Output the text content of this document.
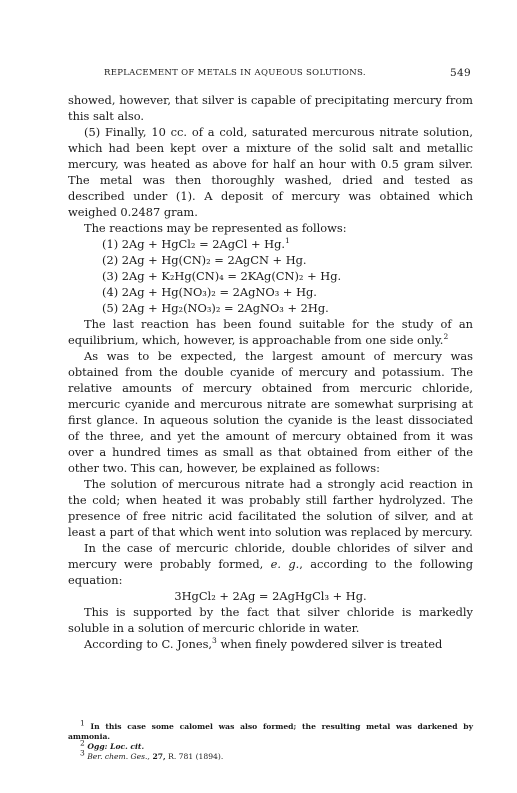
REPLACEMENT OF METALS IN AQUEOUS SOLUTIONS.	549

showed, however, that silver is capable of precipitating mercury from this salt also.

(5) Finally, 10 cc. of a cold, saturated mercurous nitrate solution, which had been kept over a mixture of the solid salt and metallic mercury, was heated as above for half an hour with 0.5 gram silver. The metal was then thoroughly washed, dried and tested as described under (1). A deposit of mercury was obtained which weighed 0.2487 gram.

The reactions may be represented as follows:

(1) 2Ag + HgCl₂ = 2AgCl + Hg.$^1$

(2) 2Ag + Hg(CN)₂ = 2AgCN + Hg.

(3) 2Ag + K₂Hg(CN)₄ = 2KAg(CN)₂ + Hg.

(4) 2Ag + Hg(NO₃)₂ = 2AgNO₃ + Hg.

(5) 2Ag + Hg₂(NO₃)₂ = 2AgNO₃ + 2Hg.

The last reaction has been found suitable for the study of an equilibrium, which, however, is approachable from one side only.$^2$

As was to be expected, the largest amount of mercury was obtained from the double cyanide of mercury and potassium. The relative amounts of mercury obtained from mercuric chloride, mercuric cyanide and mercurous nitrate are somewhat surprising at first glance. In aqueous solution the cyanide is the least dissociated of the three, and yet the amount of mercury obtained from it was over a hundred times as small as that obtained from either of the other two. This can, however, be explained as follows:

The solution of mercurous nitrate had a strongly acid reaction in the cold; when heated it was probably still farther hydrolyzed. The presence of free nitric acid facilitated the solution of silver, and at least a part of that which went into solution was replaced by mercury.

In the case of mercuric chloride, double chlorides of silver and mercury were probably formed, e. g., according to the following equation:

3HgCl₂ + 2Ag = 2AgHgCl₃ + Hg.

This is supported by the fact that silver chloride is markedly soluble in a solution of mercuric chloride in water.

According to C. Jones,$^3$ when finely powdered silver is treated

$^1$ In this case some calomel was also formed; the resulting metal was darkened by ammonia.

$^2$ Ogg: Loc. cit.

$^3$ Ber. chem. Ges., 27, R. 781 (1894).
